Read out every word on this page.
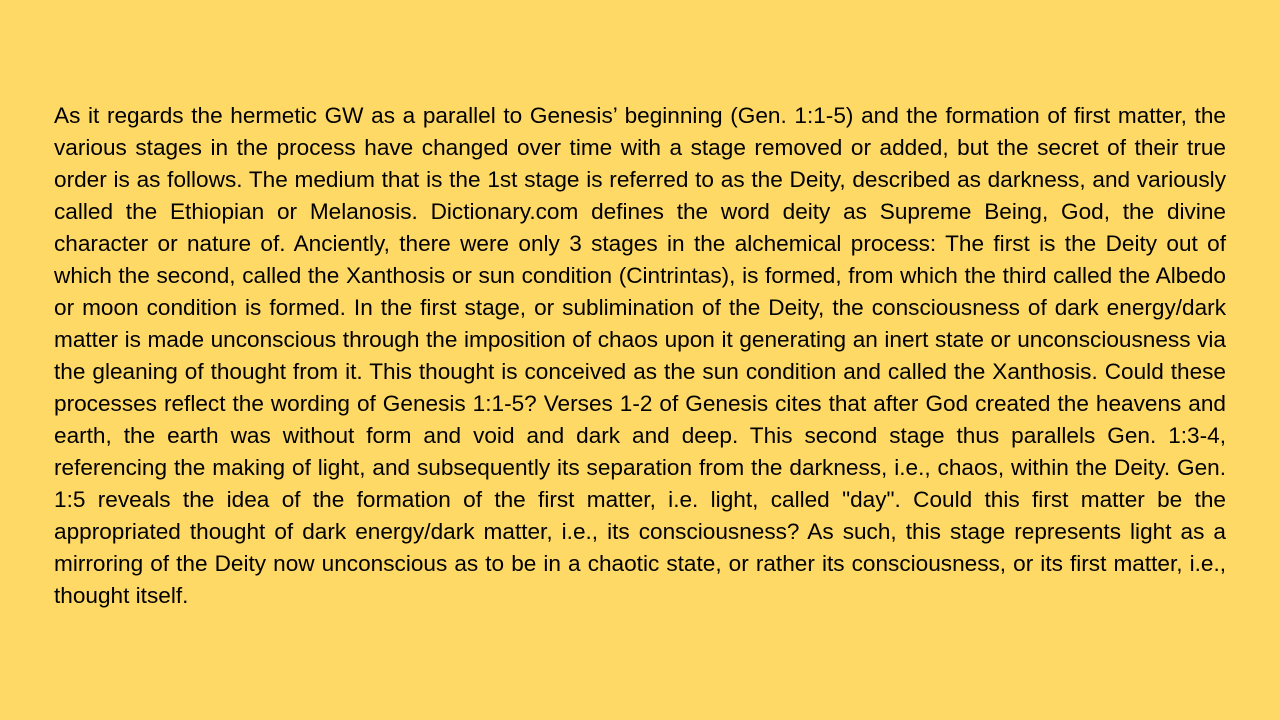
As it regards the hermetic GW as a parallel to Genesis’ beginning (Gen. 1:1-5) and the formation of first matter, the various stages in the process have changed over time with a stage removed or added, but the secret of their true order is as follows. The medium that is the 1st stage is referred to as the Deity, described as darkness, and variously called the Ethiopian or Melanosis. Dictionary.com defines the word deity as Supreme Being, God, the divine character or nature of. Anciently, there were only 3 stages in the alchemical process: The first is the Deity out of which the second, called the Xanthosis or sun condition (Cintrintas), is formed, from which the third called the Albedo or moon condition is formed. In the first stage, or sublimination of the Deity, the consciousness of dark energy/dark matter is made unconscious through the imposition of chaos upon it generating an inert state or unconsciousness via the gleaning of thought from it. This thought is conceived as the sun condition and called the Xanthosis. Could these processes reflect the wording of Genesis 1:1-5? Verses 1-2 of Genesis cites that after God created the heavens and earth, the earth was without form and void and dark and deep. This second stage thus parallels Gen. 1:3-4, referencing the making of light, and subsequently its separation from the darkness, i.e., chaos, within the Deity. Gen. 1:5 reveals the idea of the formation of the first matter, i.e. light, called "day". Could this first matter be the appropriated thought of dark energy/dark matter, i.e., its consciousness? As such, this stage represents light as a mirroring of the Deity now unconscious as to be in a chaotic state, or rather its consciousness, or its first matter, i.e., thought itself.
